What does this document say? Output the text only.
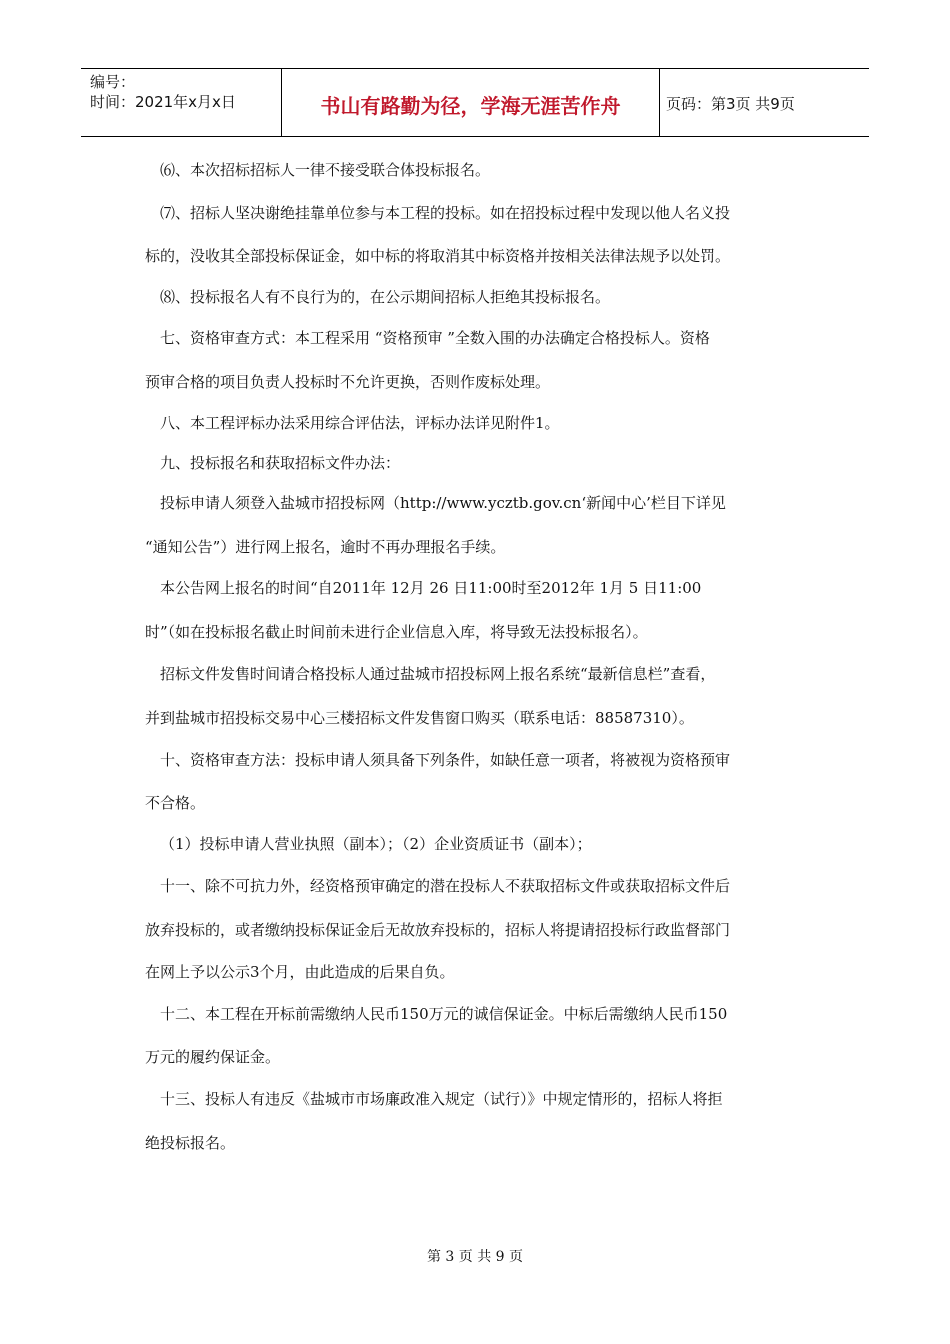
编号：
时间：2021年x月x日	书山有路勤为径，学海无涯苦作舟	页码：第3页 共9页
⑹、本次招标招标人一律不接受联合体投标报名。
⑺、招标人坚决谢绝挂靠单位参与本工程的投标。如在招投标过程中发现以他人名义投
标的，没收其全部投标保证金，如中标的将取消其中标资格并按相关法律法规予以处罚。
⑻、投标报名人有不良行为的，在公示期间招标人拒绝其投标报名。
七、资格审查方式：本工程采用 “资格预审 ”全数入围的办法确定合格投标人。资格
预审合格的项目负责人投标时不允许更换，否则作废标处理。
八、本工程评标办法采用综合评估法，评标办法详见附件1。
九、投标报名和获取招标文件办法：
投标申请人须登入盐城市招投标网（http://www.ycztb.gov.cn‘新闻中心’栏目下详见
“通知公告”）进行网上报名，逾时不再办理报名手续。
本公告网上报名的时间“自2011年 12月 26 日11:00时至2012年 1月 5 日11:00
时”（如在投标报名截止时间前未进行企业信息入库，将导致无法投标报名）。
招标文件发售时间请合格投标人通过盐城市招投标网上报名系统“最新信息栏”查看，
并到盐城市招投标交易中心三楼招标文件发售窗口购买（联系电话：88587310）。
十、资格审查方法：投标申请人须具备下列条件，如缺任意一项者，将被视为资格预审
不合格。
（1）投标申请人营业执照（副本）；（2）企业资质证书（副本）；
十一、除不可抗力外，经资格预审确定的潜在投标人不获取招标文件或获取招标文件后
放弃投标的，或者缴纳投标保证金后无故放弃投标的，招标人将提请招投标行政监督部门
在网上予以公示3个月，由此造成的后果自负。
十二、本工程在开标前需缴纳人民币150万元的诚信保证金。中标后需缴纳人民币150
万元的履约保证金。
十三、投标人有违反《盐城市市场廉政准入规定（试行）》中规定情形的，招标人将拒
绝投标报名。
第 3 页 共 9 页
